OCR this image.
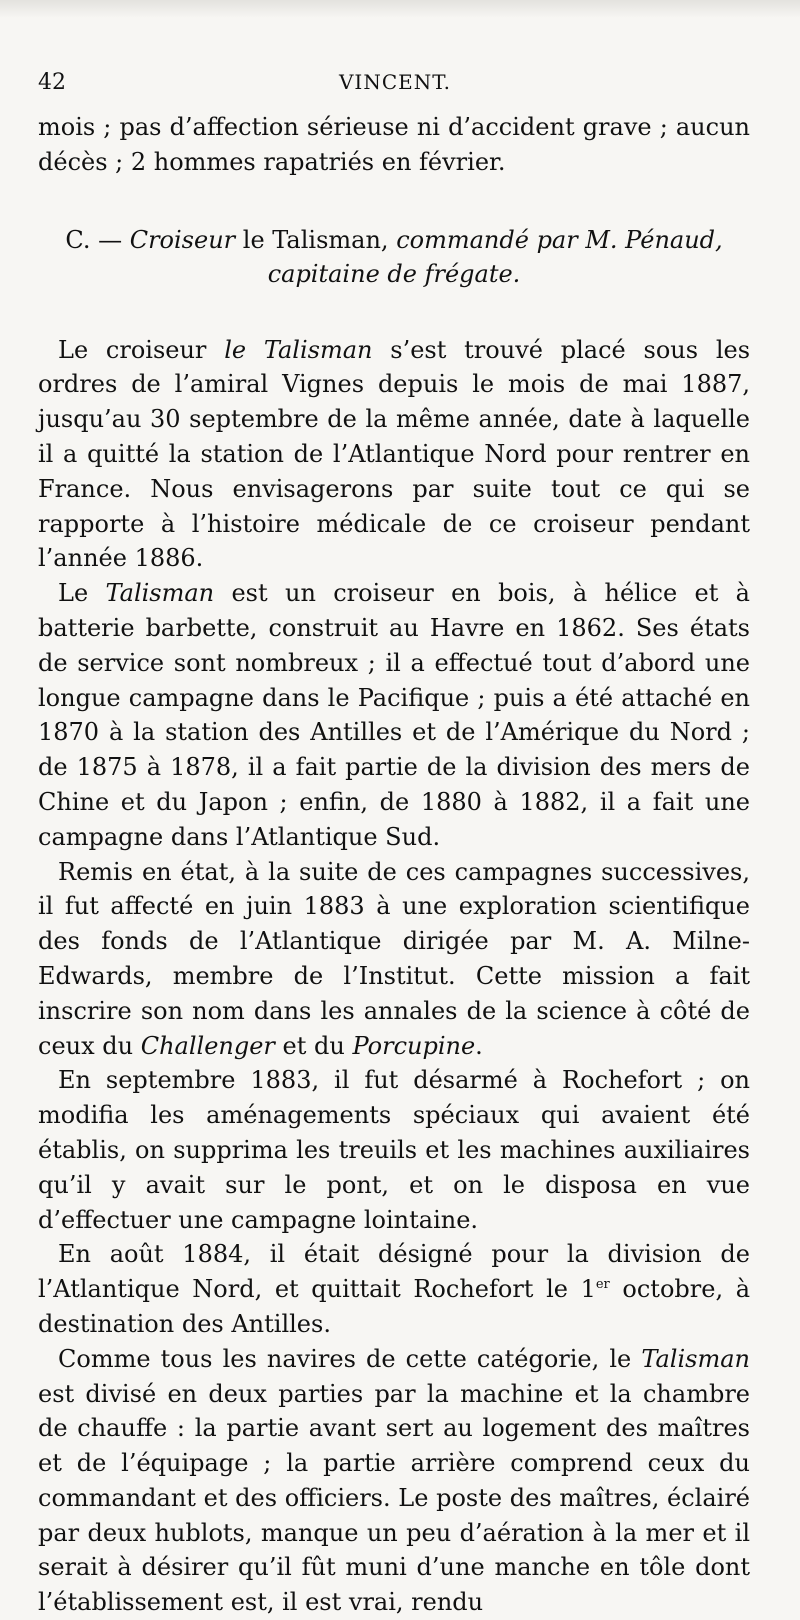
42	VINCENT.

mois ; pas d’affection sérieuse ni d’accident grave ; aucun décès ; 2 hommes rapatriés en février.

C. — Croiseur le Talisman, commandé par M. Pénaud,
capitaine de frégate.

Le croiseur le Talisman s’est trouvé placé sous les ordres de l’amiral Vignes depuis le mois de mai 1887, jusqu’au 30 septembre de la même année, date à laquelle il a quitté la station de l’Atlantique Nord pour rentrer en France. Nous envisagerons par suite tout ce qui se rapporte à l’histoire médicale de ce croiseur pendant l’année 1886.

Le Talisman est un croiseur en bois, à hélice et à batterie barbette, construit au Havre en 1862. Ses états de service sont nombreux ; il a effectué tout d’abord une longue campagne dans le Pacifique ; puis a été attaché en 1870 à la station des Antilles et de l’Amérique du Nord ; de 1875 à 1878, il a fait partie de la division des mers de Chine et du Japon ; enfin, de 1880 à 1882, il a fait une campagne dans l’Atlantique Sud.

Remis en état, à la suite de ces campagnes successives, il fut affecté en juin 1883 à une exploration scientifique des fonds de l’Atlantique dirigée par M. A. Milne-Edwards, membre de l’Institut. Cette mission a fait inscrire son nom dans les annales de la science à côté de ceux du Challenger et du Porcupine.

En septembre 1883, il fut désarmé à Rochefort ; on modifia les aménagements spéciaux qui avaient été établis, on supprima les treuils et les machines auxiliaires qu’il y avait sur le pont, et on le disposa en vue d’effectuer une campagne lointaine.

En août 1884, il était désigné pour la division de l’Atlantique Nord, et quittait Rochefort le 1er octobre, à destination des Antilles.

Comme tous les navires de cette catégorie, le Talisman est divisé en deux parties par la machine et la chambre de chauffe : la partie avant sert au logement des maîtres et de l’équipage ; la partie arrière comprend ceux du commandant et des officiers. Le poste des maîtres, éclairé par deux hublots, manque un peu d’aération à la mer et il serait à désirer qu’il fût muni d’une manche en tôle dont l’établissement est, il est vrai, rendu
